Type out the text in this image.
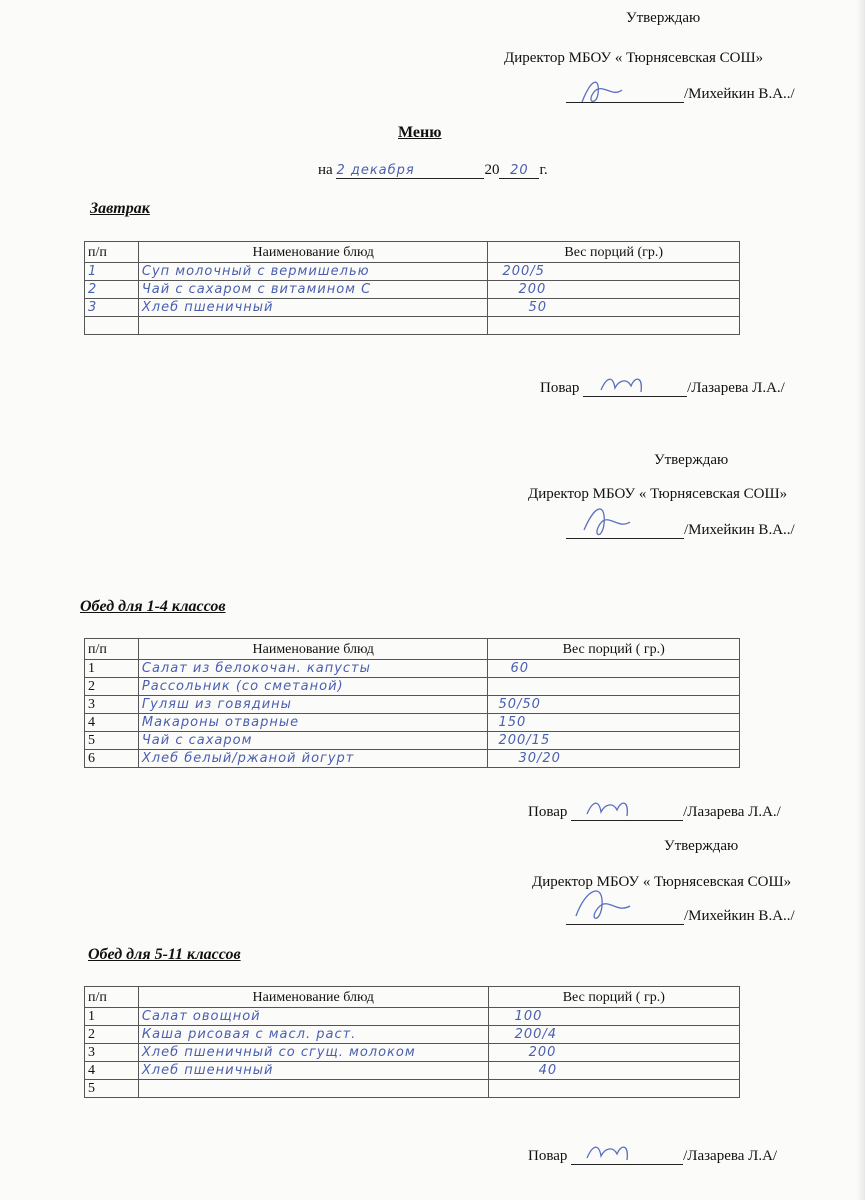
Утверждаю
Директор МБОУ « Тюрнясевская СОШ»
/Михейкин В.А../
Меню
на 2 декабря	20 20 г.
Завтрак
п/п	Наименование блюд	Вес порций (гр.)
1	Суп молочный с вермишелью	200/5
2	Чай с сахаром с витамином С	200
3	Хлеб пшеничный	50

Повар	/Лазарева Л.А./
Утверждаю
Директор МБОУ « Тюрнясевская СОШ»
/Михейкин В.А../
Обед для 1-4 классов
п/п	Наименование блюд	Вес порций ( гр.)
1	Салат из белокочан. капусты	60
2	Рассольник (со сметаной)	
3	Гуляш из говядины	50/50
4	Макароны отварные	150
5	Чай с сахаром	200/15
6	Хлеб белый/ржаной йогурт	30/20
Повар	/Лазарева Л.А./
Утверждаю
Директор МБОУ « Тюрнясевская СОШ»
/Михейкин В.А../
Обед для 5-11 классов
п/п	Наименование блюд	Вес порций ( гр.)
1	Салат овощной	100
2	Каша рисовая с масл. раст.	200/4
3	Хлеб пшеничный со сгущ. молоком	200
4	Хлеб пшеничный	40
5		
Повар	/Лазарева Л.А/
